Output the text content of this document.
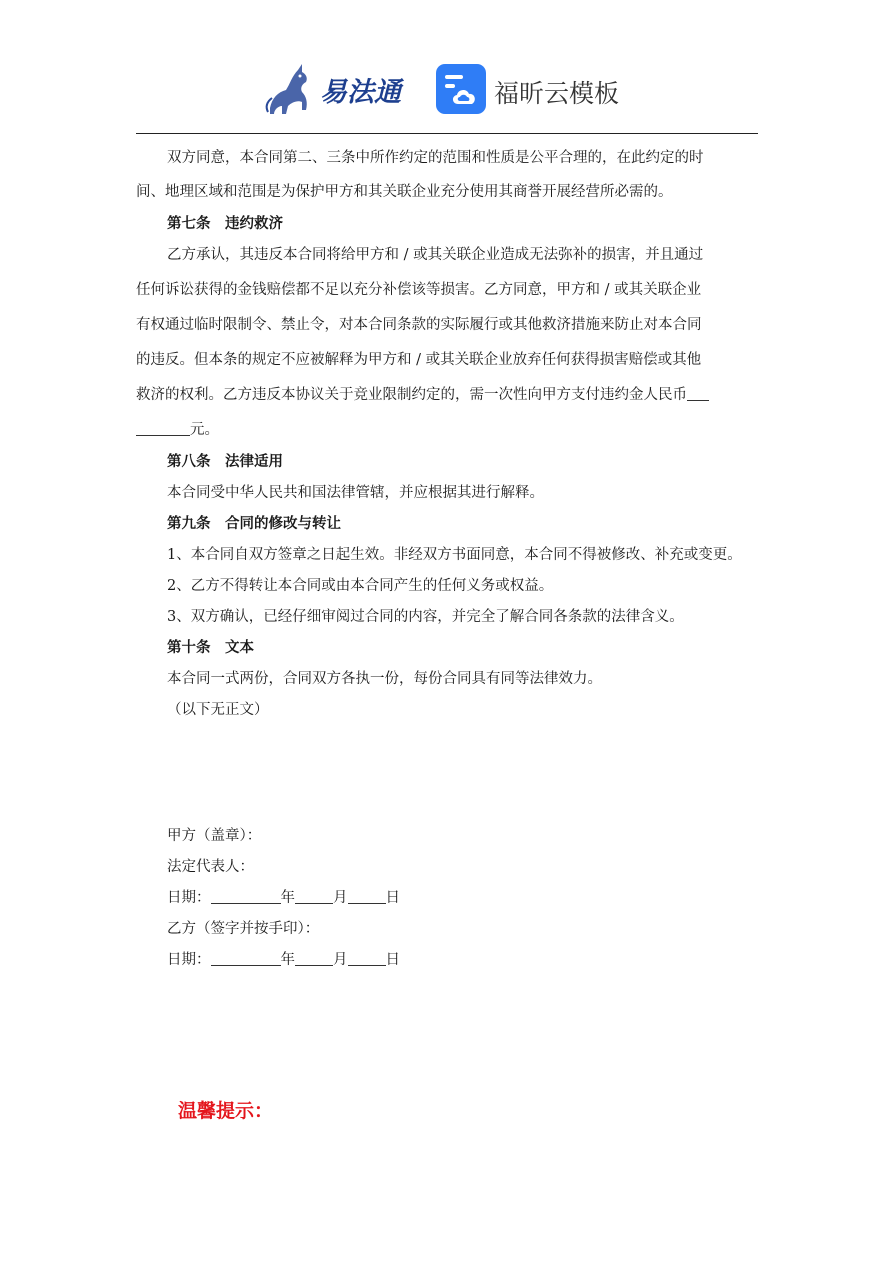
易法通	福昕云模板
双方同意，本合同第二、三条中所作约定的范围和性质是公平合理的，在此约定的时
间、地理区域和范围是为保护甲方和其关联企业充分使用其商誉开展经营所必需的。
第七条　违约救济
乙方承认，其违反本合同将给甲方和 / 或其关联企业造成无法弥补的损害，并且通过
任何诉讼获得的金钱赔偿都不足以充分补偿该等损害。乙方同意，甲方和 / 或其关联企业
有权通过临时限制令、禁止令，对本合同条款的实际履行或其他救济措施来防止对本合同
的违反。但本条的规定不应被解释为甲方和 / 或其关联企业放弃任何获得损害赔偿或其他
救济的权利。乙方违反本协议关于竞业限制约定的，需一次性向甲方支付违约金人民币
元。
第八条　法律适用
本合同受中华人民共和国法律管辖，并应根据其进行解释。
第九条　合同的修改与转让
1、本合同自双方签章之日起生效。非经双方书面同意，本合同不得被修改、补充或变更。
2、乙方不得转让本合同或由本合同产生的任何义务或权益。
3、双方确认，已经仔细审阅过合同的内容，并完全了解合同各条款的法律含义。
第十条　文本
本合同一式两份，合同双方各执一份，每份合同具有同等法律效力。
（以下无正文）
甲方（盖章）：
法定代表人：
日期：	年	月	日
乙方（签字并按手印）：
日期：	年	月	日
温馨提示：
